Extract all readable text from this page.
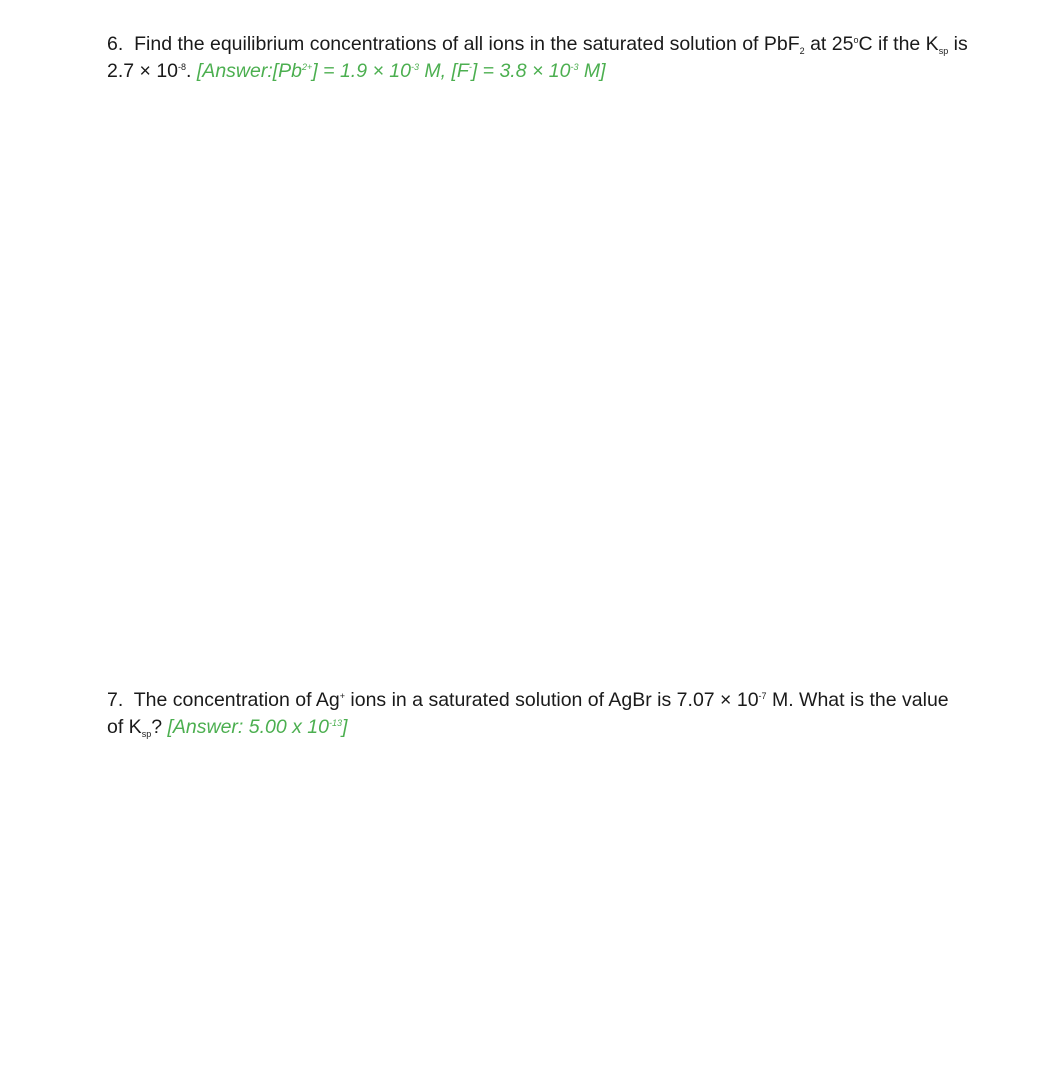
6. Find the equilibrium concentrations of all ions in the saturated solution of PbF$_2$ at 25$^o$C if the $K_{sp}$ is
$2.7 \times 10^{-8}$. [$Answer:[Pb^{2+}] = 1.9 \times 10^{-3}$ M, $[F^-] = 3.8 \times 10^{-3}$ M]
7. The concentration of Ag+ ions in a saturated solution of AgBr is $7.07 \times 10^{-7}$ M. What is the value
of $K_{sp}$? [Answer: 5.00 x $10^{-13}$]
